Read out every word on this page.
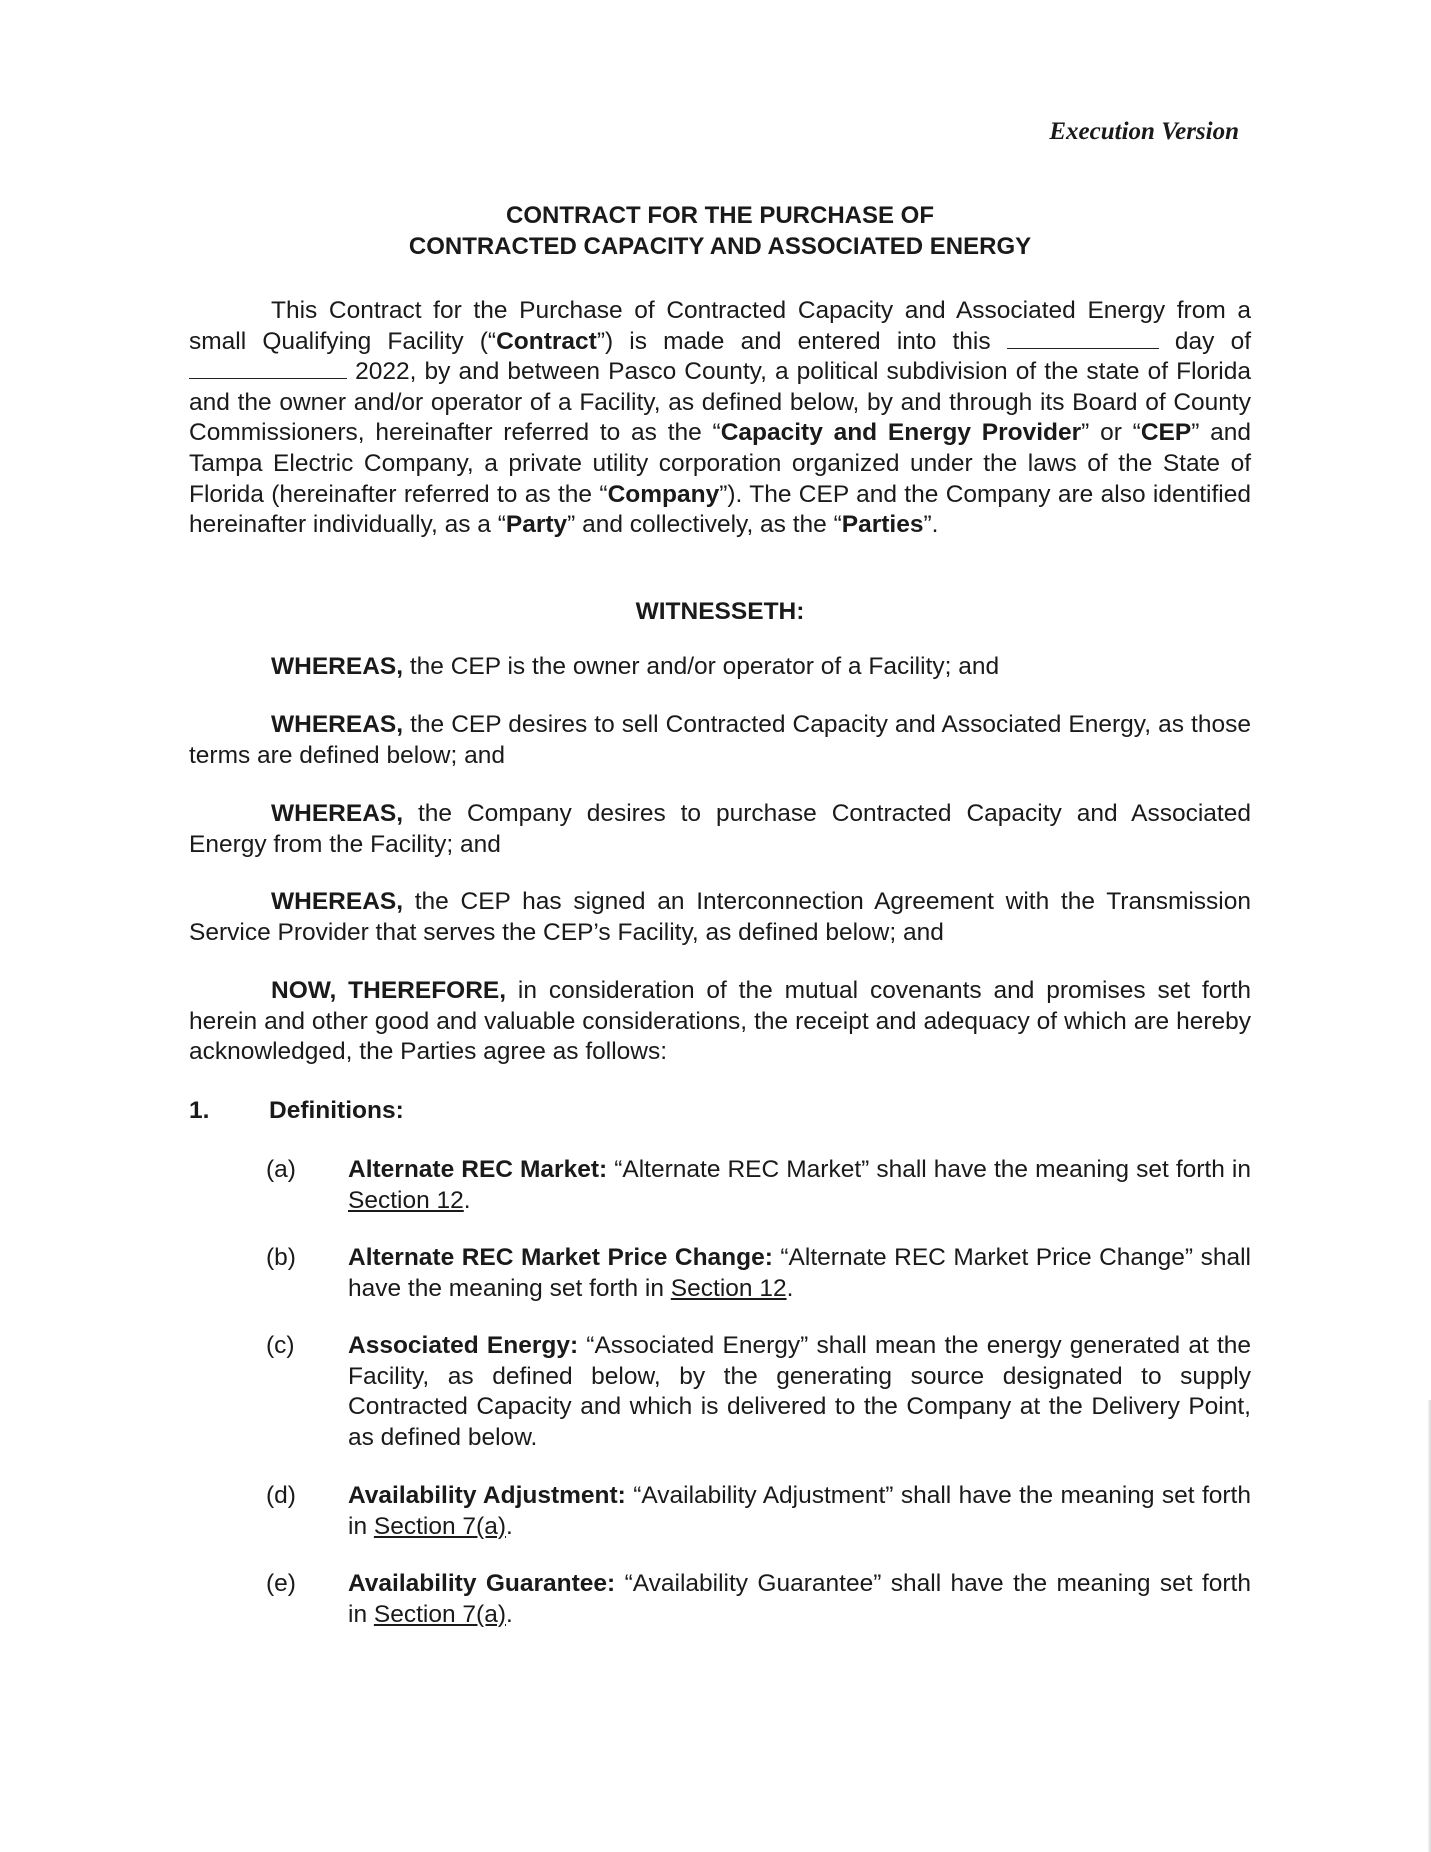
Execution Version
CONTRACT FOR THE PURCHASE OF
CONTRACTED CAPACITY AND ASSOCIATED ENERGY

This Contract for the Purchase of Contracted Capacity and Associated Energy from a small Qualifying Facility (“Contract”) is made and entered into this	day of  2022, by and between Pasco County, a political subdivision of the state of Florida and the owner and/or operator of a Facility, as defined below, by and through its Board of County Commissioners, hereinafter referred to as the “Capacity and Energy Provider” or “CEP” and Tampa Electric Company, a private utility corporation organized under the laws of the State of Florida (hereinafter referred to as the “Company”). The CEP and the Company are also identified hereinafter individually, as a “Party” and collectively, as the “Parties”.

WITNESSETH:

WHEREAS, the CEP is the owner and/or operator of a Facility; and

WHEREAS, the CEP desires to sell Contracted Capacity and Associated Energy, as those terms are defined below; and

WHEREAS, the Company desires to purchase Contracted Capacity and Associated Energy from the Facility; and

WHEREAS, the CEP has signed an Interconnection Agreement with the Transmission Service Provider that serves the CEP’s Facility, as defined below; and

NOW, THEREFORE, in consideration of the mutual covenants and promises set forth herein and other good and valuable considerations, the receipt and adequacy of which are hereby acknowledged, the Parties agree as follows:

1. Definitions:
(a) Alternate REC Market: “Alternate REC Market” shall have the meaning set forth in Section 12.
(b) Alternate REC Market Price Change: “Alternate REC Market Price Change” shall have the meaning set forth in Section 12.
(c) Associated Energy: “Associated Energy” shall mean the energy generated at the Facility, as defined below, by the generating source designated to supply Contracted Capacity and which is delivered to the Company at the Delivery Point, as defined below.
(d) Availability Adjustment: “Availability Adjustment” shall have the meaning set forth in Section 7(a).
(e) Availability Guarantee: “Availability Guarantee” shall have the meaning set forth in Section 7(a).
